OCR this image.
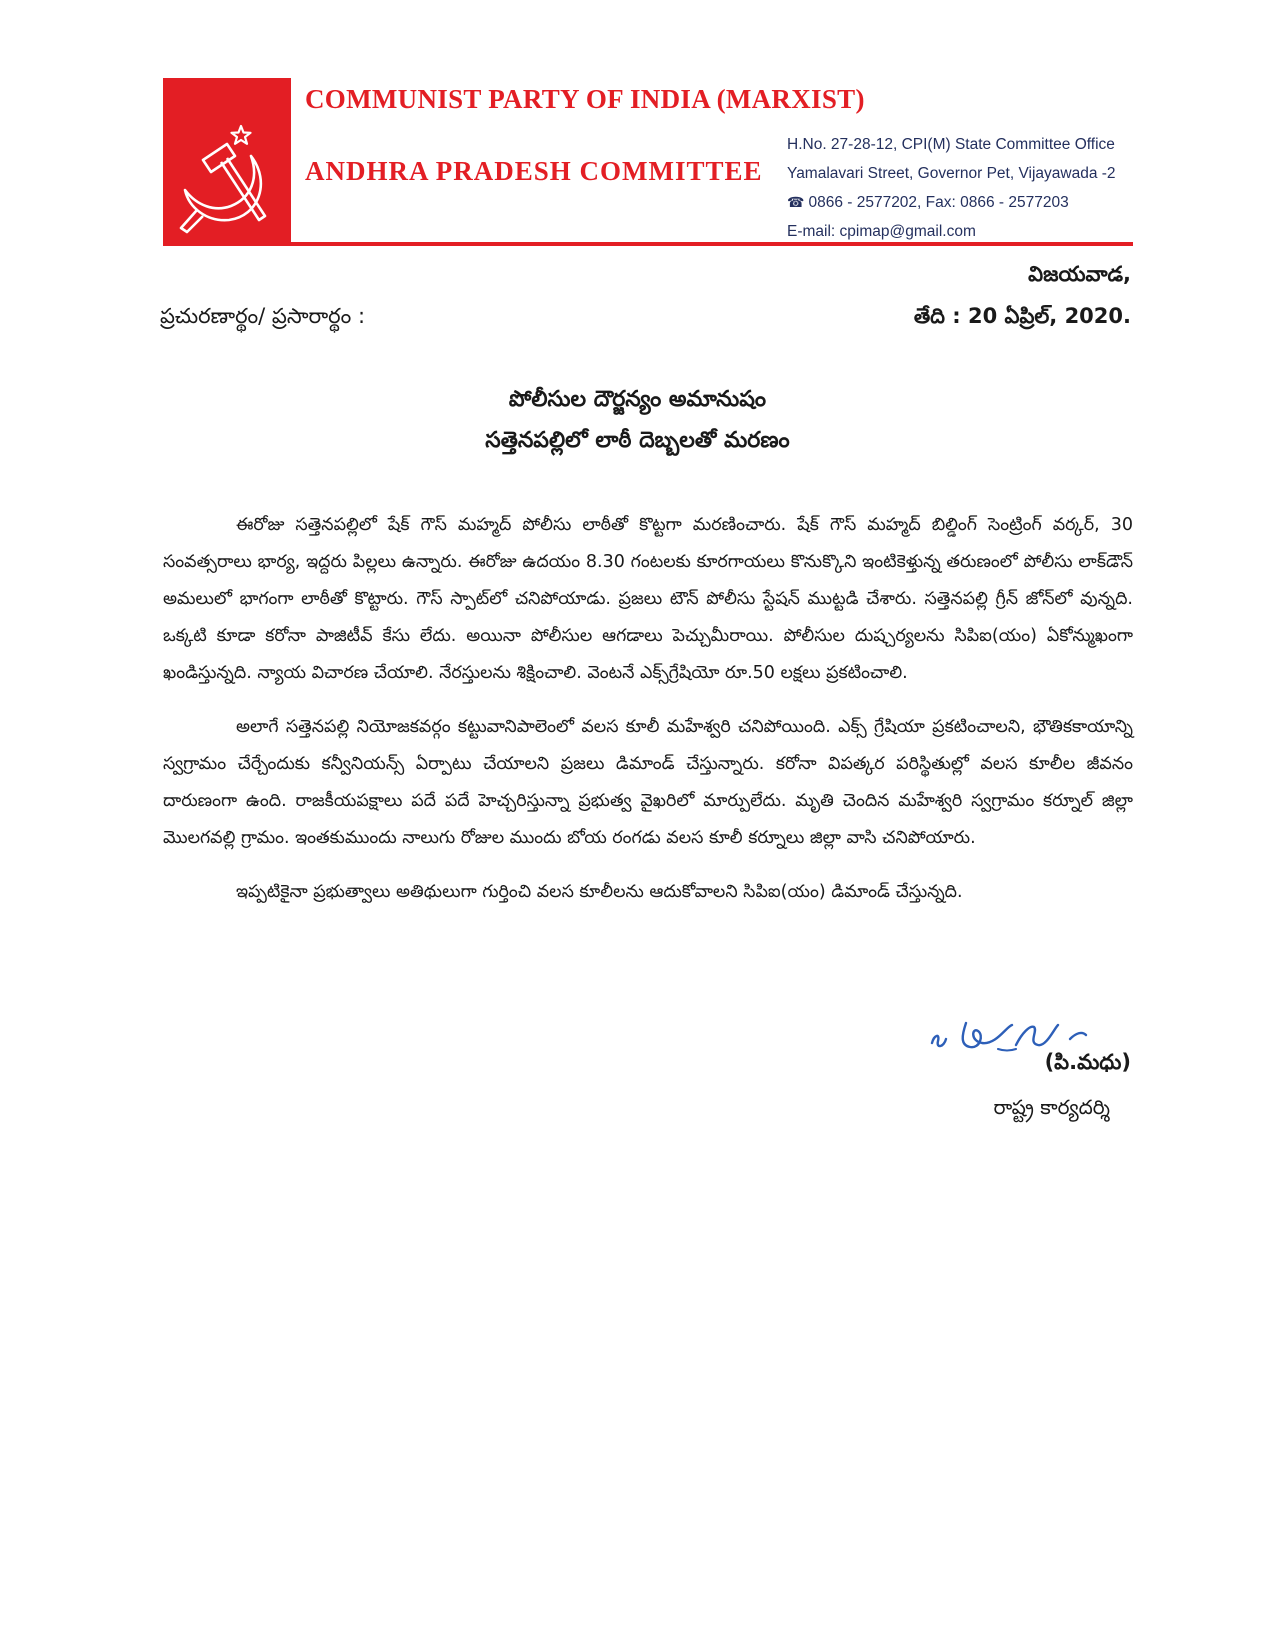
COMMUNIST PARTY OF INDIA (MARXIST)
ANDHRA PRADESH COMMITTEE
H.No. 27-28-12, CPI(M) State Committee Office
Yamalavari Street, Governor Pet, Vijayawada -2
☎ 0866 - 2577202, Fax: 0866 - 2577203
E-mail: cpimap@gmail.com
విజయవాడ,
ప్రచురణార్థం/ ప్రసారార్థం :	తేది : 20 ఏప్రిల్, 2020.
పోలీసుల దౌర్జన్యం అమానుషం
సత్తెనపల్లిలో లాఠీ దెబ్బలతో మరణం

ఈరోజు సత్తెనపల్లిలో షేక్ గౌస్ మహ్మద్ పోలీసు లాఠీతో కొట్టగా మరణించారు. షేక్ గౌస్ మహ్మద్ బిల్డింగ్ సెంట్రింగ్ వర్కర్, 30 సంవత్సరాలు భార్య, ఇద్దరు పిల్లలు ఉన్నారు. ఈరోజు ఉదయం 8.30 గంటలకు కూరగాయలు కొనుక్కొని ఇంటికెళ్తున్న తరుణంలో పోలీసు లాక్‌డౌన్ అమలులో భాగంగా లాఠీతో కొట్టారు. గౌస్ స్పాట్‌లో చనిపోయాడు. ప్రజలు టౌన్ పోలీసు స్టేషన్ ముట్టడి చేశారు. సత్తెనపల్లి గ్రీన్ జోన్‌లో వున్నది. ఒక్కటి కూడా కరోనా పాజిటీవ్ కేసు లేదు. అయినా పోలీసుల ఆగడాలు పెచ్చుమీరాయి. పోలీసుల దుష్చర్యలను సిపిఐ(యం) ఏకోన్ముఖంగా ఖండిస్తున్నది. న్యాయ విచారణ చేయాలి. నేరస్తులను శిక్షించాలి. వెంటనే ఎక్స్‌గ్రేషియో రూ.50 లక్షలు ప్రకటించాలి.

అలాగే సత్తెనపల్లి నియోజకవర్గం కట్టువానిపాలెంలో వలస కూలీ మహేశ్వరి చనిపోయింది. ఎక్స్ గ్రేషియా ప్రకటించాలని, భౌతికకాయాన్ని స్వగ్రామం చేర్చేందుకు కన్వీనియన్స్ ఏర్పాటు చేయాలని ప్రజలు డిమాండ్ చేస్తున్నారు. కరోనా విపత్కర పరిస్థితుల్లో వలస కూలీల జీవనం దారుణంగా ఉంది. రాజకీయపక్షాలు పదే పదే హెచ్చరిస్తున్నా ప్రభుత్వ వైఖరిలో మార్పులేదు. మృతి చెందిన మహేశ్వరి స్వగ్రామం కర్నూల్ జిల్లా మొలగవల్లి గ్రామం. ఇంతకుముందు నాలుగు రోజుల ముందు బోయ రంగడు వలస కూలీ కర్నూలు జిల్లా వాసి చనిపోయారు.

ఇప్పటికైనా ప్రభుత్వాలు అతిథులుగా గుర్తించి వలస కూలీలను ఆదుకోవాలని సిపిఐ(యం) డిమాండ్ చేస్తున్నది.

(పి.మధు)
రాష్ట్ర కార్యదర్శి
